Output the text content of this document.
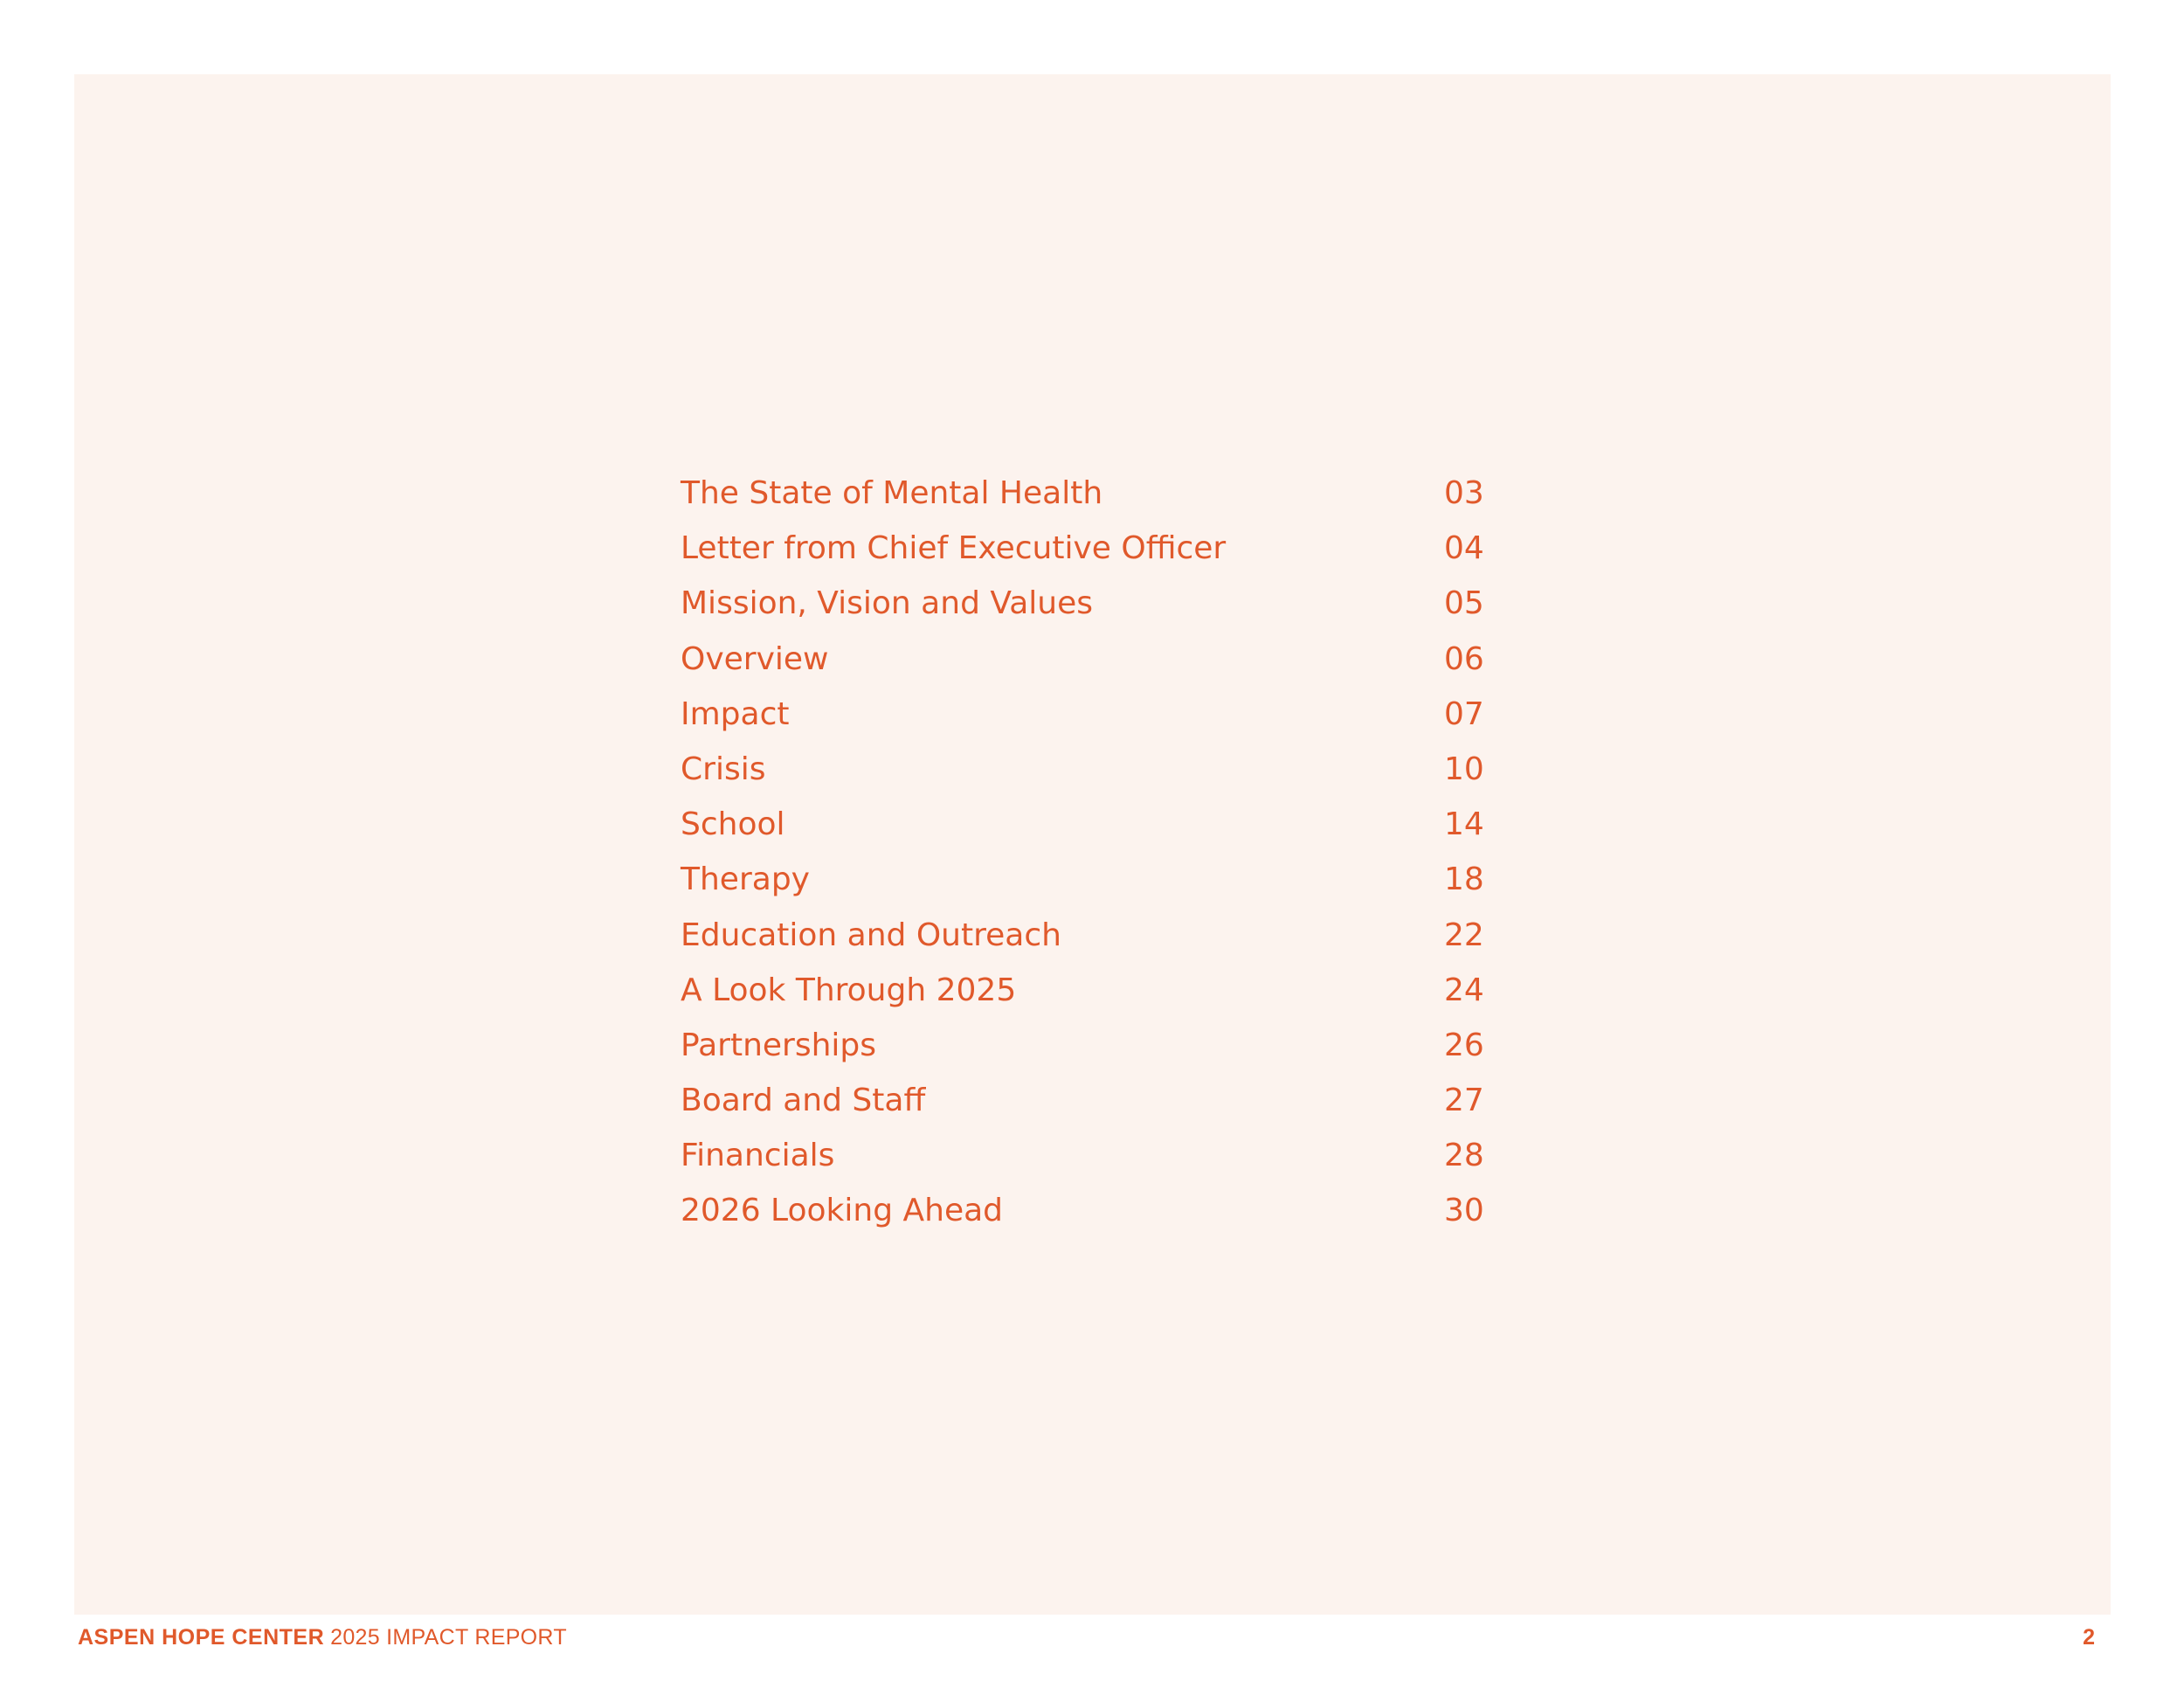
The State of Mental Health	03
Letter from Chief Executive Officer	04
Mission, Vision and Values	05
Overview	06
Impact	07
Crisis	10
School	14
Therapy	18
Education and Outreach	22
A Look Through 2025	24
Partnerships	26
Board and Staff	27
Financials	28
2026 Looking Ahead	30
ASPEN HOPE CENTER 2025 IMPACT REPORT	2
